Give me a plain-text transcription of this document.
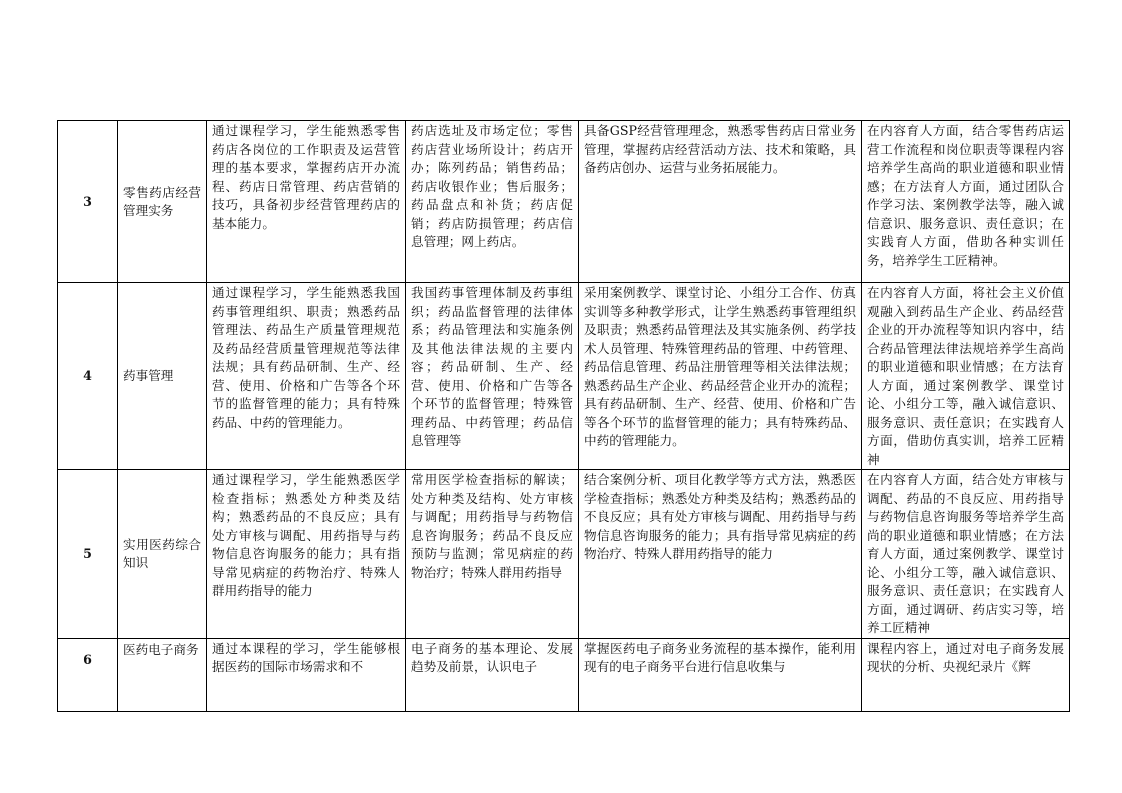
3	零售药店经营管理实务	通过课程学习，学生能熟悉零售药店各岗位的工作职责及运营管理的基本要求，掌握药店开办流程、药店日常管理、药店营销的技巧，具备初步经营管理药店的基本能力。	药店选址及市场定位；零售药店营业场所设计；药店开办；陈列药品；销售药品；药店收银作业；售后服务；药品盘点和补货；药店促销；药店防损管理；药店信息管理；网上药店。	具备GSP经营管理理念，熟悉零售药店日常业务管理，掌握药店经营活动方法、技术和策略，具备药店创办、运营与业务拓展能力。	在内容育人方面，结合零售药店运营工作流程和岗位职责等课程内容培养学生高尚的职业道德和职业情感；在方法育人方面，通过团队合作学习法、案例教学法等，融入诚信意识、服务意识、责任意识；在实践育人方面，借助各种实训任务，培养学生工匠精神。
4	药事管理	通过课程学习，学生能熟悉我国药事管理组织、职责；熟悉药品管理法、药品生产质量管理规范及药品经营质量管理规范等法律法规；具有药品研制、生产、经营、使用、价格和广告等各个环节的监督管理的能力；具有特殊药品、中药的管理能力。	我国药事管理体制及药事组织；药品监督管理的法律体系；药品管理法和实施条例及其他法律法规的主要内容；药品研制、生产、经营、使用、价格和广告等各个环节的监督管理；特殊管理药品、中药管理；药品信息管理等	采用案例教学、课堂讨论、小组分工合作、仿真实训等多种教学形式，让学生熟悉药事管理组织及职责；熟悉药品管理法及其实施条例、药学技术人员管理、特殊管理药品的管理、中药管理、药品信息管理、药品注册管理等相关法律法规；熟悉药品生产企业、药品经营企业开办的流程；具有药品研制、生产、经营、使用、价格和广告等各个环节的监督管理的能力；具有特殊药品、中药的管理能力。	在内容育人方面，将社会主义价值观融入到药品生产企业、药品经营企业的开办流程等知识内容中，结合药品管理法律法规培养学生高尚的职业道德和职业情感；在方法育人方面，通过案例教学、课堂讨论、小组分工等，融入诚信意识、服务意识、责任意识；在实践育人方面，借助仿真实训，培养工匠精神
5	实用医药综合知识	通过课程学习，学生能熟悉医学检查指标；熟悉处方种类及结构；熟悉药品的不良反应；具有处方审核与调配、用药指导与药物信息咨询服务的能力；具有指导常见病症的药物治疗、特殊人群用药指导的能力	常用医学检查指标的解读；处方种类及结构、处方审核与调配；用药指导与药物信息咨询服务；药品不良反应预防与监测；常见病症的药物治疗；特殊人群用药指导	结合案例分析、项目化教学等方式方法，熟悉医学检查指标；熟悉处方种类及结构；熟悉药品的不良反应；具有处方审核与调配、用药指导与药物信息咨询服务的能力；具有指导常见病症的药物治疗、特殊人群用药指导的能力	在内容育人方面，结合处方审核与调配、药品的不良反应、用药指导与药物信息咨询服务等培养学生高尚的职业道德和职业情感；在方法育人方面，通过案例教学、课堂讨论、小组分工等，融入诚信意识、服务意识、责任意识；在实践育人方面，通过调研、药店实习等，培养工匠精神
6	医药电子商务	通过本课程的学习，学生能够根据医药的国际市场需求和不	电子商务的基本理论、发展趋势及前景，认识电子	掌握医药电子商务业务流程的基本操作，能利用现有的电子商务平台进行信息收集与	课程内容上，通过对电子商务发展现状的分析、央视纪录片《辉
